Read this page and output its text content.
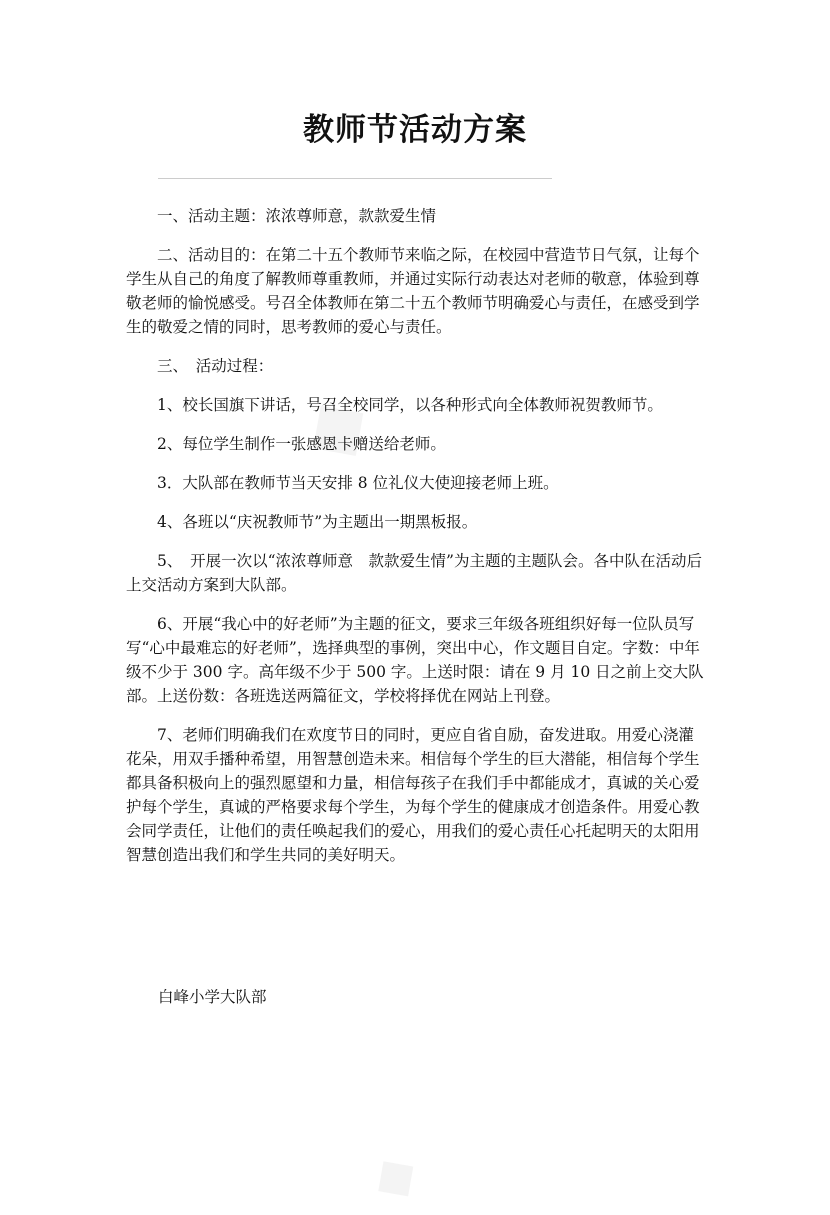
教师节活动方案

一、活动主题：浓浓尊师意，款款爱生情

二、活动目的：在第二十五个教师节来临之际，在校园中营造节日气氛，让每个学生从自己的角度了解教师尊重教师，并通过实际行动表达对老师的敬意，体验到尊敬老师的愉悦感受。号召全体教师在第二十五个教师节明确爱心与责任，在感受到学生的敬爱之情的同时，思考教师的爱心与责任。

三、　活动过程：

1、校长国旗下讲话，号召全校同学，以各种形式向全体教师祝贺教师节。

2、每位学生制作一张感恩卡赠送给老师。

3．大队部在教师节当天安排 8 位礼仪大使迎接老师上班。

4、各班以“庆祝教师节”为主题出一期黑板报。

5、　开展一次以“浓浓尊师意　款款爱生情”为主题的主题队会。各中队在活动后上交活动方案到大队部。

6、开展“我心中的好老师”为主题的征文，要求三年级各班组织好每一位队员写写“心中最难忘的好老师”，选择典型的事例，突出中心，作文题目自定。字数：中年级不少于 300 字。高年级不少于 500 字。上送时限：请在 9 月 10 日之前上交大队部。上送份数：各班选送两篇征文，学校将择优在网站上刊登。

7、老师们明确我们在欢度节日的同时，更应自省自励，奋发进取。用爱心浇灌花朵，用双手播种希望，用智慧创造未来。相信每个学生的巨大潜能，相信每个学生都具备积极向上的强烈愿望和力量，相信每孩子在我们手中都能成才，真诚的关心爱护每个学生，真诚的严格要求每个学生，为每个学生的健康成才创造条件。用爱心教会同学责任，让他们的责任唤起我们的爱心，用我们的爱心责任心托起明天的太阳用智慧创造出我们和学生共同的美好明天。

白峰小学大队部
